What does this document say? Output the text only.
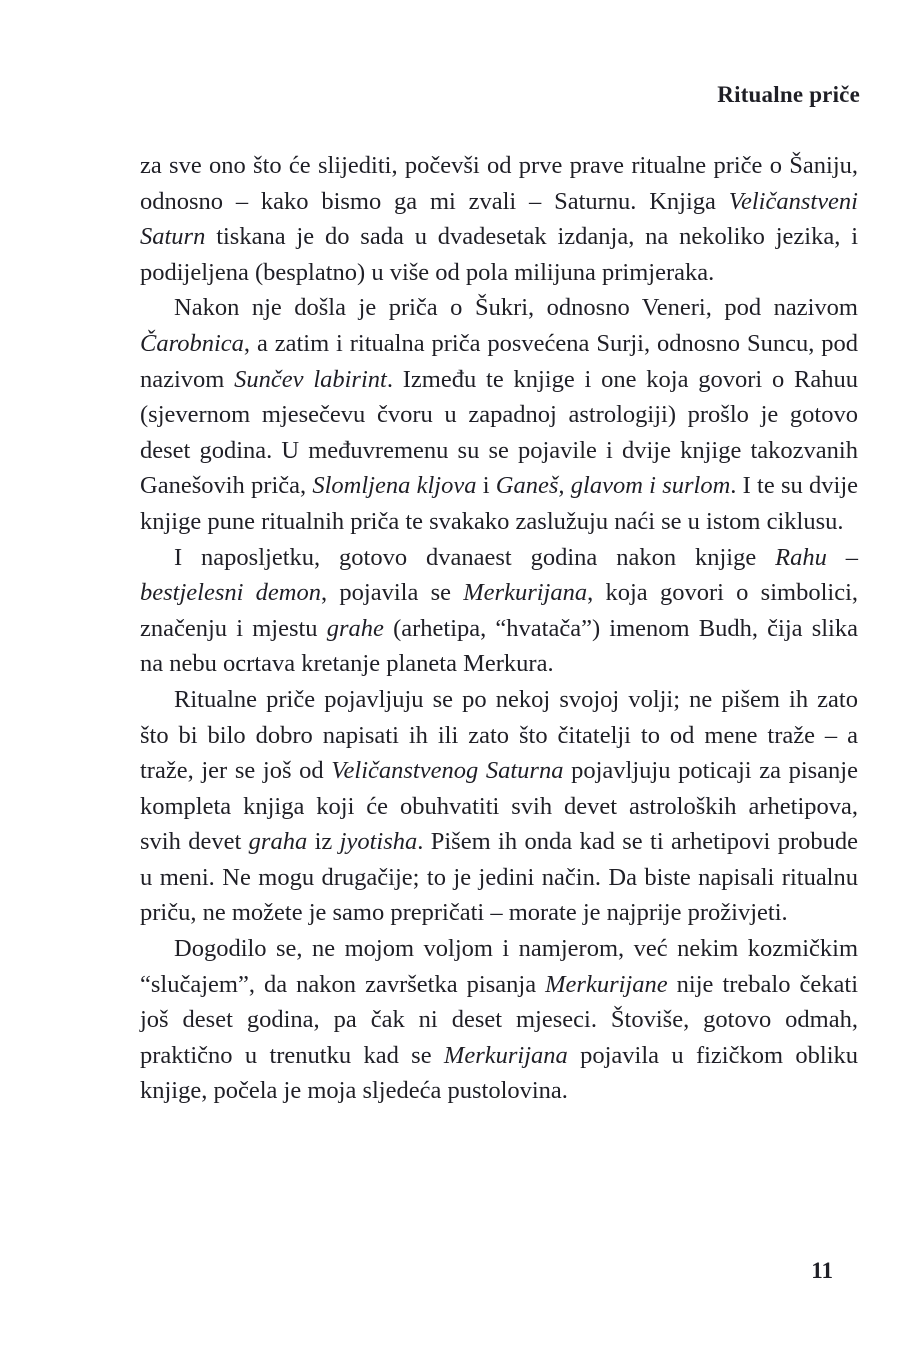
Ritualne priče

za sve ono što će slijediti, počevši od prve prave ritualne priče o Šaniju, odnosno – kako bismo ga mi zvali – Saturnu. Knjiga Veličanstveni Saturn tiskana je do sada u dvadesetak izdanja, na nekoliko jezika, i podijeljena (besplatno) u više od pola milijuna primjeraka.

Nakon nje došla je priča o Šukri, odnosno Veneri, pod nazivom Čarobnica, a zatim i ritualna priča posvećena Surji, odnosno Suncu, pod nazivom Sunčev labirint. Između te knjige i one koja govori o Rahuu (sjevernom mjesečevu čvoru u zapadnoj astrologiji) prošlo je gotovo deset godina. U međuvremenu su se pojavile i dvije knjige takozvanih Ganešovih priča, Slomljena kljova i Ganeš, glavom i surlom. I te su dvije knjige pune ritualnih priča te svakako zaslužuju naći se u istom ciklusu.

I naposljetku, gotovo dvanaest godina nakon knjige Rahu – bestjelesni demon, pojavila se Merkurijana, koja govori o simbolici, značenju i mjestu grahe (arhetipa, “hvatača”) imenom Budh, čija slika na nebu ocrtava kretanje planeta Merkura.

Ritualne priče pojavljuju se po nekoj svojoj volji; ne pišem ih zato što bi bilo dobro napisati ih ili zato što čitatelji to od mene traže – a traže, jer se još od Veličanstvenog Saturna pojavljuju poticaji za pisanje kompleta knjiga koji će obuhvatiti svih devet astroloških arhetipova, svih devet graha iz jyotisha. Pišem ih onda kad se ti arhetipovi probude u meni. Ne mogu drugačije; to je jedini način. Da biste napisali ritualnu priču, ne možete je samo prepričati – morate je najprije proživjeti.

Dogodilo se, ne mojom voljom i namjerom, već nekim kozmičkim “slučajem”, da nakon završetka pisanja Merkurijane nije trebalo čekati još deset godina, pa čak ni deset mjeseci. Štoviše, gotovo odmah, praktično u trenutku kad se Merkurijana pojavila u fizičkom obliku knjige, počela je moja sljedeća pustolovina.

11
